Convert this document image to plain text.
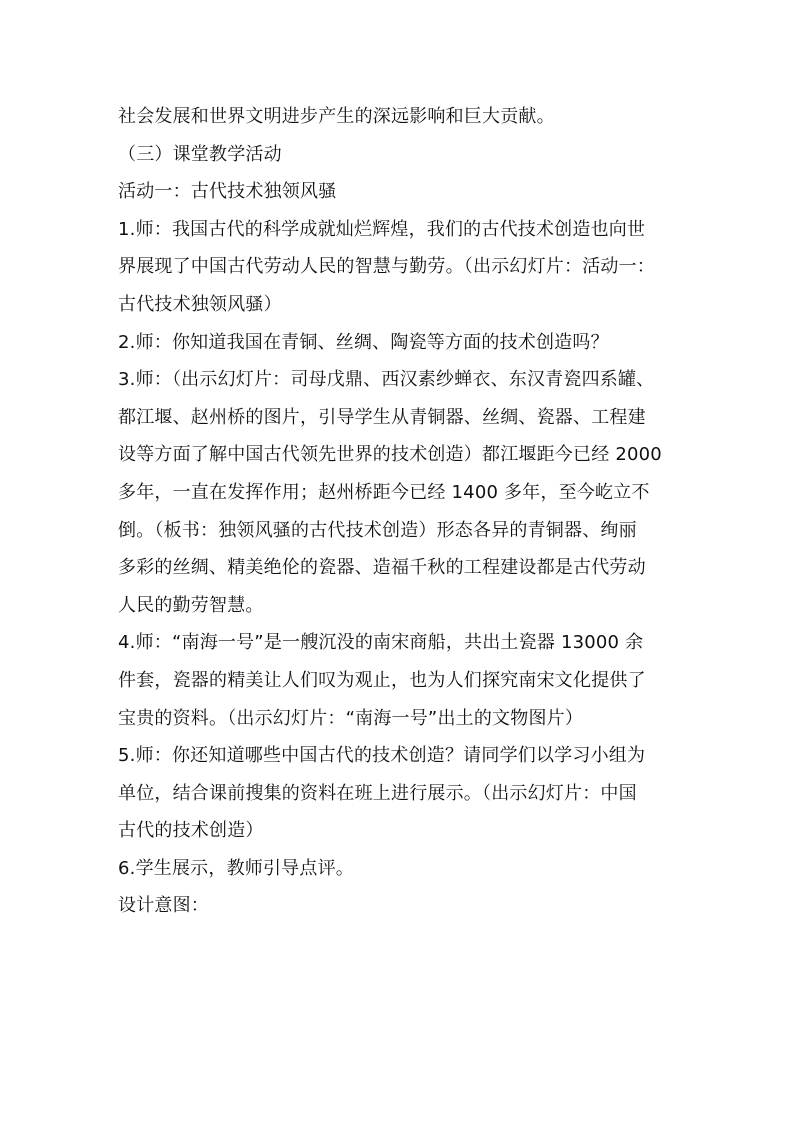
社会发展和世界文明进步产生的深远影响和巨大贡献。
（三）课堂教学活动
活动一：古代技术独领风骚
1.师：我国古代的科学成就灿烂辉煌，我们的古代技术创造也向世
界展现了中国古代劳动人民的智慧与勤劳。（出示幻灯片：活动一：
古代技术独领风骚）
2.师：你知道我国在青铜、丝绸、陶瓷等方面的技术创造吗？
3.师：（出示幻灯片：司母戊鼎、西汉素纱蝉衣、东汉青瓷四系罐、
都江堰、赵州桥的图片，引导学生从青铜器、丝绸、瓷器、工程建
设等方面了解中国古代领先世界的技术创造）都江堰距今已经 2000
多年，一直在发挥作用；赵州桥距今已经 1400 多年，至今屹立不
倒。（板书：独领风骚的古代技术创造）形态各异的青铜器、绚丽
多彩的丝绸、精美绝伦的瓷器、造福千秋的工程建设都是古代劳动
人民的勤劳智慧。
4.师：“南海一号”是一艘沉没的南宋商船，共出土瓷器 13000 余
件套，瓷器的精美让人们叹为观止，也为人们探究南宋文化提供了
宝贵的资料。（出示幻灯片：“南海一号”出土的文物图片）
5.师：你还知道哪些中国古代的技术创造？请同学们以学习小组为
单位，结合课前搜集的资料在班上进行展示。（出示幻灯片：中国
古代的技术创造）
6.学生展示，教师引导点评。
设计意图：
